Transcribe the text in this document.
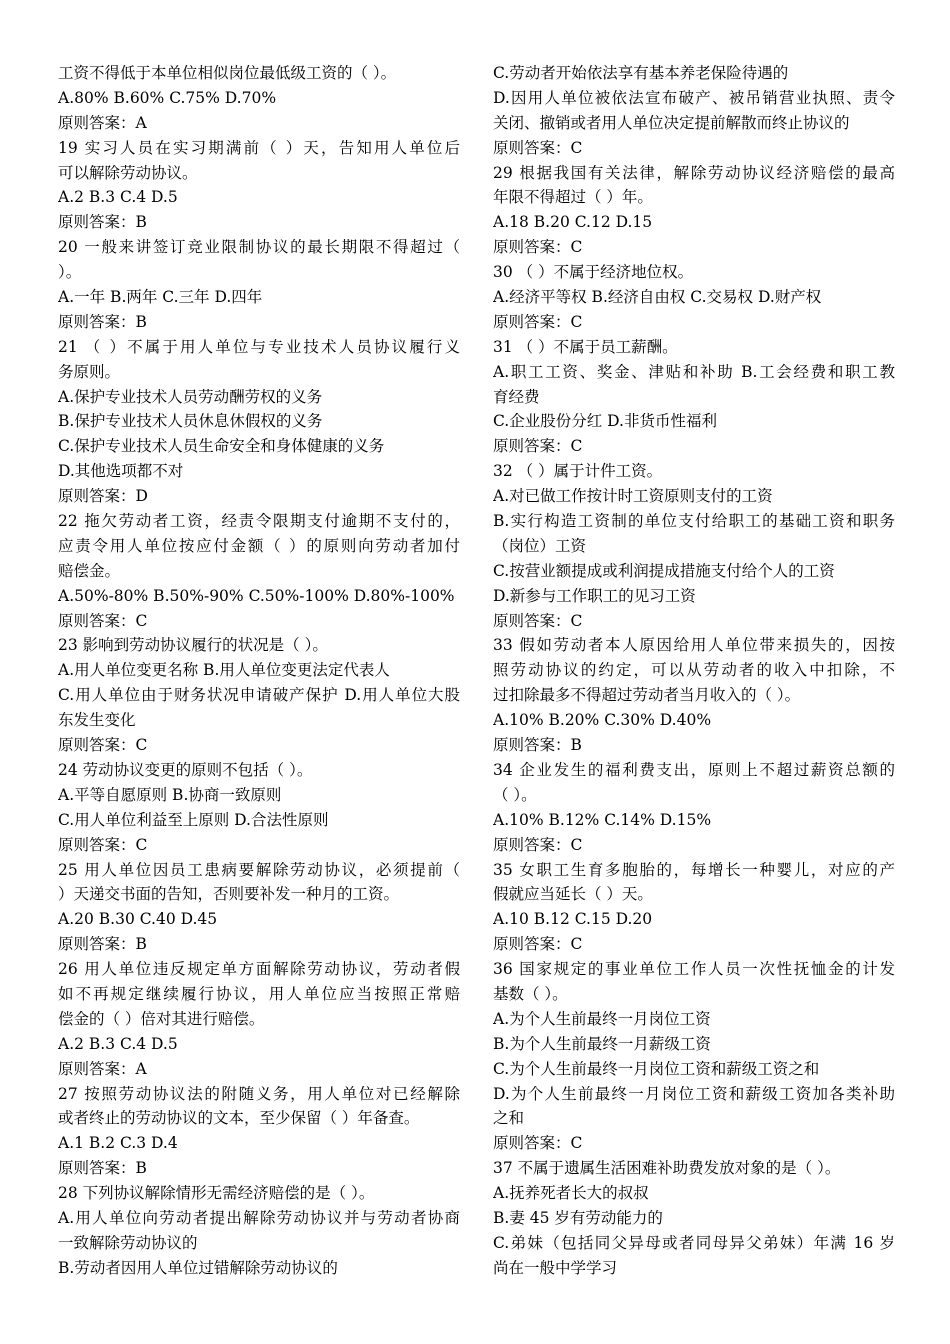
工资不得低于本单位相似岗位最低级工资的（ ）。
A.80% B.60% C.75% D.70%
原则答案：A
19 实习人员在实习期满前（ ）天，告知用人单位后
可以解除劳动协议。
A.2 B.3 C.4 D.5
原则答案：B
20 一般来讲签订竞业限制协议的最长期限不得超过（
）。
A.一年 B.两年 C.三年 D.四年
原则答案：B
21 （ ）不属于用人单位与专业技术人员协议履行义
务原则。
A.保护专业技术人员劳动酬劳权的义务
B.保护专业技术人员休息休假权的义务
C.保护专业技术人员生命安全和身体健康的义务
D.其他选项都不对
原则答案：D
22 拖欠劳动者工资，经责令限期支付逾期不支付的，
应责令用人单位按应付金额（ ）的原则向劳动者加付
赔偿金。
A.50%-80% B.50%-90% C.50%-100% D.80%-100%
原则答案：C
23 影响到劳动协议履行的状况是（ ）。
A.用人单位变更名称 B.用人单位变更法定代表人
C.用人单位由于财务状况申请破产保护 D.用人单位大股
东发生变化
原则答案：C
24 劳动协议变更的原则不包括（ ）。
A.平等自愿原则 B.协商一致原则
C.用人单位利益至上原则 D.合法性原则
原则答案：C
25 用人单位因员工患病要解除劳动协议，必须提前（
）天递交书面的告知，否则要补发一种月的工资。
A.20 B.30 C.40 D.45
原则答案：B
26 用人单位违反规定单方面解除劳动协议，劳动者假
如不再规定继续履行协议，用人单位应当按照正常赔
偿金的（ ）倍对其进行赔偿。
A.2 B.3 C.4 D.5
原则答案：A
27 按照劳动协议法的附随义务，用人单位对已经解除
或者终止的劳动协议的文本，至少保留（ ）年备查。
A.1 B.2 C.3 D.4
原则答案：B
28 下列协议解除情形无需经济赔偿的是（ ）。
A.用人单位向劳动者提出解除劳动协议并与劳动者协商
一致解除劳动协议的
B.劳动者因用人单位过错解除劳动协议的
C.劳动者开始依法享有基本养老保险待遇的
D.因用人单位被依法宣布破产、被吊销营业执照、责令
关闭、撤销或者用人单位决定提前解散而终止协议的
原则答案：C
29 根据我国有关法律，解除劳动协议经济赔偿的最高
年限不得超过（ ）年。
A.18 B.20 C.12 D.15
原则答案：C
30 （ ）不属于经济地位权。
A.经济平等权 B.经济自由权 C.交易权 D.财产权
原则答案：C
31 （ ）不属于员工薪酬。
A.职工工资、奖金、津贴和补助 B.工会经费和职工教
育经费
C.企业股份分红 D.非货币性福利
原则答案：C
32 （ ）属于计件工资。
A.对已做工作按计时工资原则支付的工资
B.实行构造工资制的单位支付给职工的基础工资和职务
（岗位）工资
C.按营业额提成或利润提成措施支付给个人的工资
D.新参与工作职工的见习工资
原则答案：C
33 假如劳动者本人原因给用人单位带来损失的，因按
照劳动协议的约定，可以从劳动者的收入中扣除，不
过扣除最多不得超过劳动者当月收入的（ ）。
A.10% B.20% C.30% D.40%
原则答案：B
34 企业发生的福利费支出，原则上不超过薪资总额的
（ ）。
A.10% B.12% C.14% D.15%
原则答案：C
35 女职工生育多胞胎的，每增长一种婴儿，对应的产
假就应当延长（ ）天。
A.10 B.12 C.15 D.20
原则答案：C
36 国家规定的事业单位工作人员一次性抚恤金的计发
基数（ ）。
A.为个人生前最终一月岗位工资
B.为个人生前最终一月薪级工资
C.为个人生前最终一月岗位工资和薪级工资之和
D.为个人生前最终一月岗位工资和薪级工资加各类补助
之和
原则答案：C
37 不属于遗属生活困难补助费发放对象的是（ ）。
A.抚养死者长大的叔叔
B.妻 45 岁有劳动能力的
C.弟妹（包括同父异母或者同母异父弟妹）年满 16 岁
尚在一般中学学习
